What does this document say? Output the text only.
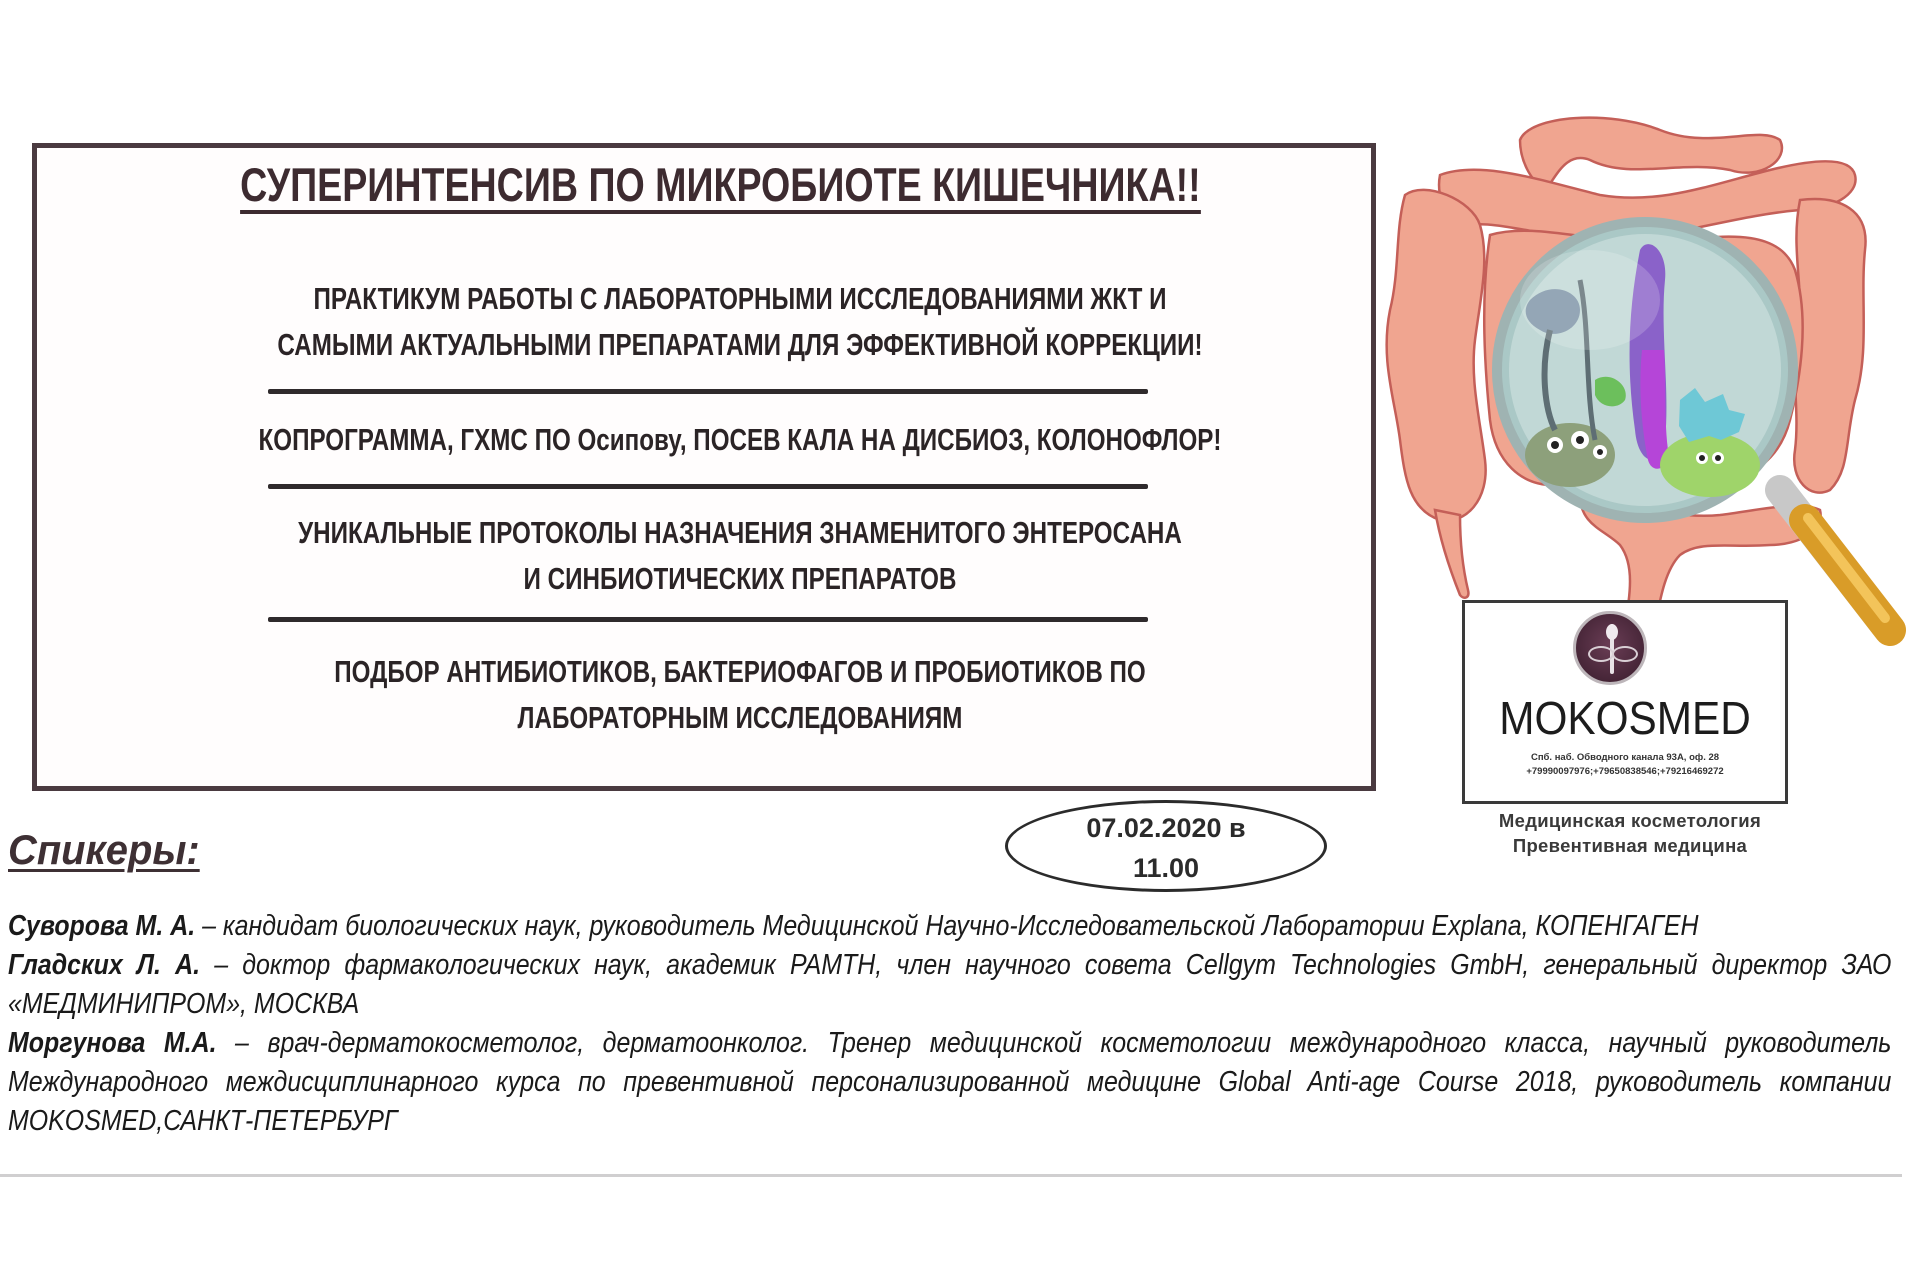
СУПЕРИНТЕНСИВ ПО МИКРОБИОТЕ КИШЕЧНИКА!!
ПРАКТИКУМ РАБОТЫ С ЛАБОРАТОРНЫМИ ИССЛЕДОВАНИЯМИ ЖКТ И
САМЫМИ АКТУАЛЬНЫМИ ПРЕПАРАТАМИ ДЛЯ ЭФФЕКТИВНОЙ КОРРЕКЦИИ!
КОПРОГРАММА, ГХМС ПО Осипову, ПОСЕВ КАЛА НА ДИСБИОЗ, КОЛОНОФЛОР!
УНИКАЛЬНЫЕ ПРОТОКОЛЫ НАЗНАЧЕНИЯ ЗНАМЕНИТОГО ЭНТЕРОСАНА
И СИНБИОТИЧЕСКИХ ПРЕПАРАТОВ
ПОДБОР АНТИБИОТИКОВ, БАКТЕРИОФАГОВ И ПРОБИОТИКОВ ПО
ЛАБОРАТОРНЫМ ИССЛЕДОВАНИЯМ	MOKOSMED
Спб. наб. Обводного канала 93А, оф. 28
+79990097976;+79650838546;+79216469272
Медицинская косметология
Превентивная медицина
Спикеры:	07.02.2020 в
11.00
Суворова М. А. – кандидат биологических наук, руководитель Медицинской Научно-Исследовательской Лаборатории Explana, КОПЕНГАГЕН
Гладских Л. А. – доктор фармакологических наук, академик РАМТН, член научного совета Cellgym Technologies GmbH, генеральный директор ЗАО «МЕДМИНИПРОМ», МОСКВА
Моргунова М.А. – врач-дерматокосметолог, дерматоонколог. Тренер медицинской косметологии международного класса, научный руководитель Международного междисциплинарного курса по превентивной персонализированной медицине Global Anti-age Course 2018, руководитель компании MOKOSMED,САНКТ-ПЕТЕРБУРГ
